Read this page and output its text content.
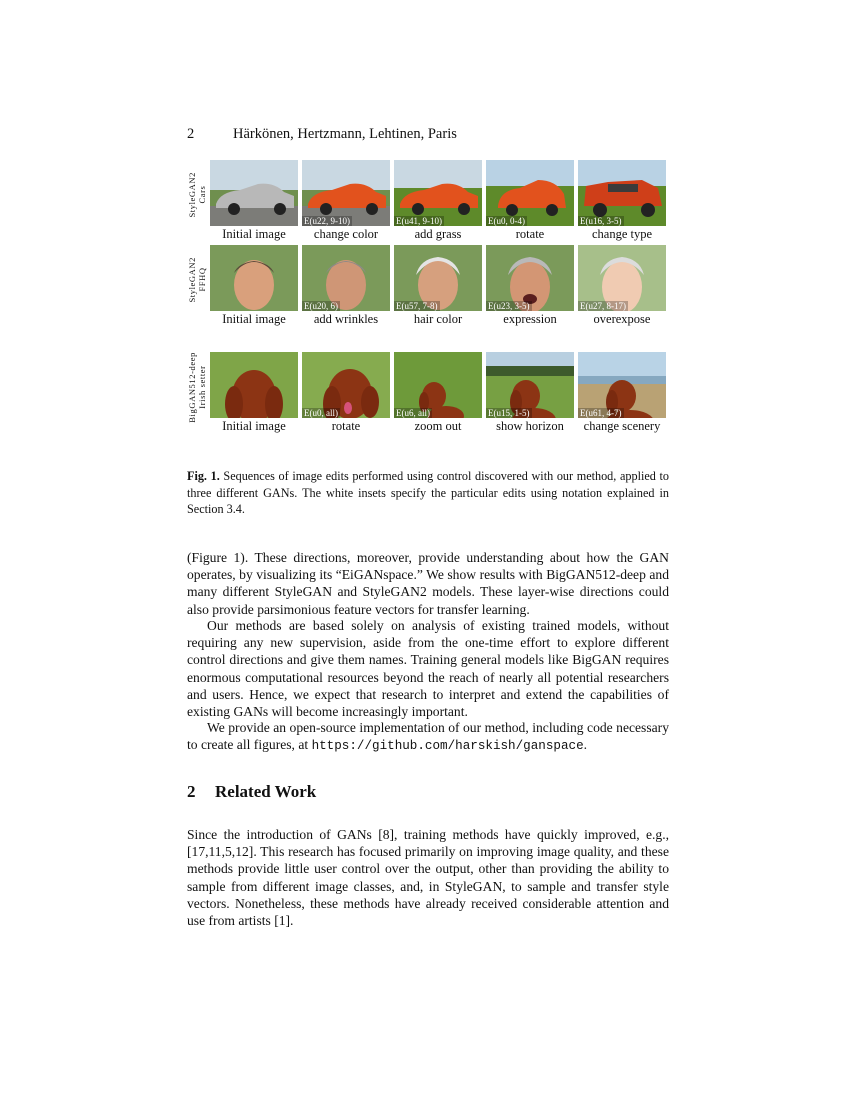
2	Härkönen, Hertzmann, Lehtinen, Paris
StyleGAN2
Cars
Initial image
E(u22, 9-10)
change color
E(u41, 9-10)
add grass
E(u0, 0-4)
rotate
E(u16, 3-5)
change type
StyleGAN2
FFHQ
Initial image
E(u20, 6)
add wrinkles
E(u57, 7-8)
hair color
E(u23, 3-5)
expression
E(u27, 8-17)
overexpose
BigGAN512-deep
Irish setter
Initial image
E(u0, all)
rotate
E(u6, all)
zoom out
E(u15, 1-5)
show horizon
E(u61, 4-7)
change scenery
Fig. 1. Sequences of image edits performed using control discovered with our method, applied to three different GANs. The white insets specify the particular edits using notation explained in Section 3.4.

(Figure 1). These directions, moreover, provide understanding about how the GAN operates, by visualizing its “EiGANspace.” We show results with BigGAN512-deep and many different StyleGAN and StyleGAN2 models. These layer-wise directions could also provide parsimonious feature vectors for transfer learning.

Our methods are based solely on analysis of existing trained models, without requiring any new supervision, aside from the one-time effort to explore different control directions and give them names. Training general models like BigGAN requires enormous computational resources beyond the reach of nearly all potential researchers and users. Hence, we expect that research to interpret and extend the capabilities of existing GANs will become increasingly important.

We provide an open-source implementation of our method, including code necessary to create all figures, at https://github.com/harskish/ganspace.

2 Related Work

Since the introduction of GANs [8], training methods have quickly improved, e.g., [17,11,5,12]. This research has focused primarily on improving image quality, and these methods provide little user control over the output, other than providing the ability to sample from different image classes, and, in StyleGAN, to sample and transfer style vectors. Nonetheless, these methods have already received considerable attention and use from artists [1].
